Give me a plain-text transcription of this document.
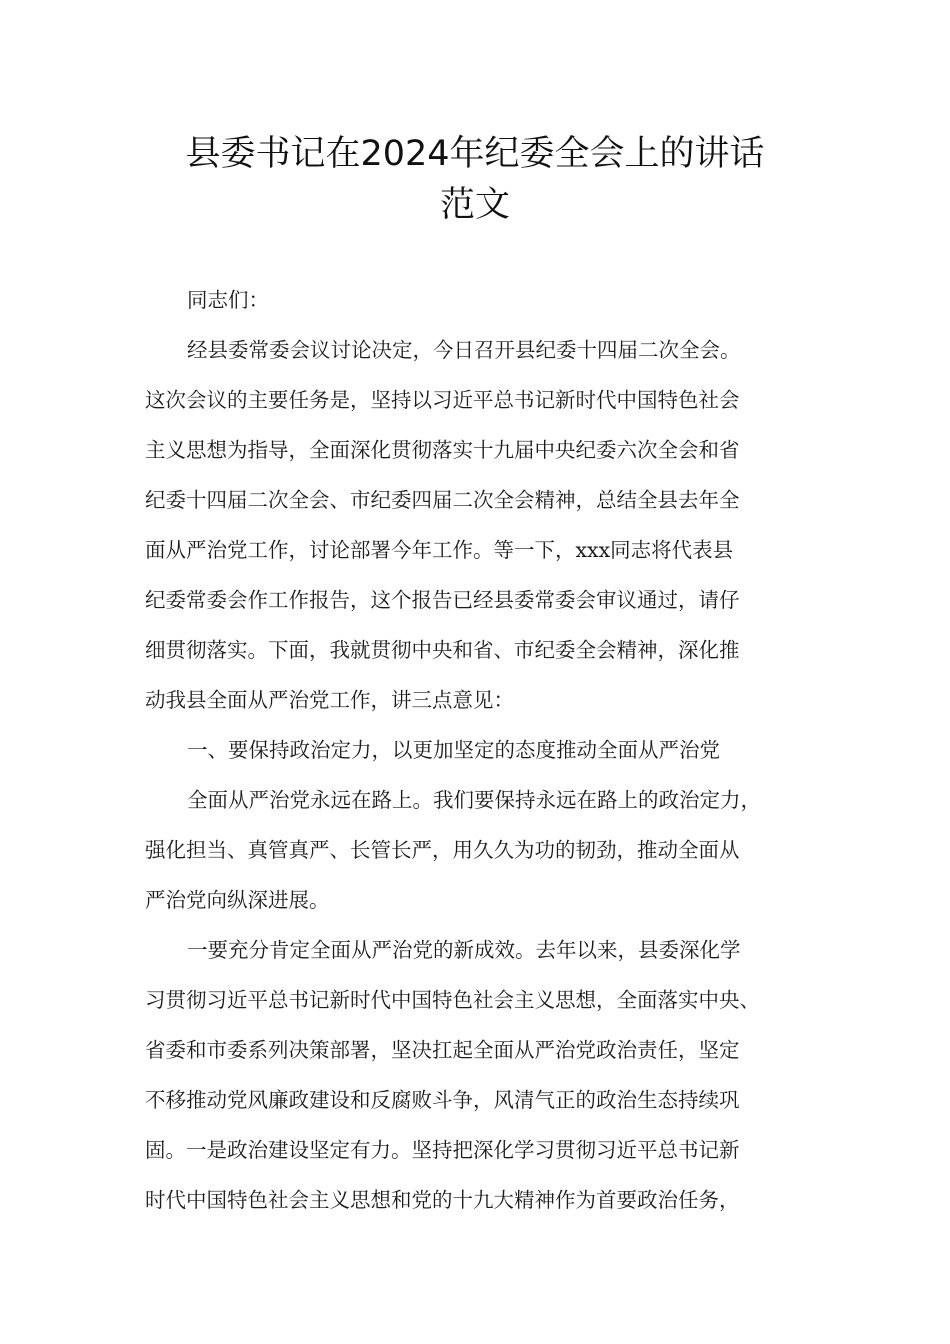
县委书记在2024年纪委全会上的讲话
范文

同志们：

经县委常委会议讨论决定，今日召开县纪委十四届二次全会。

这次会议的主要任务是，坚持以习近平总书记新时代中国特色社会

主义思想为指导，全面深化贯彻落实十九届中央纪委六次全会和省

纪委十四届二次全会、市纪委四届二次全会精神，总结全县去年全

面从严治党工作，讨论部署今年工作。等一下，xxx同志将代表县

纪委常委会作工作报告，这个报告已经县委常委会审议通过，请仔

细贯彻落实。下面，我就贯彻中央和省、市纪委全会精神，深化推

动我县全面从严治党工作，讲三点意见：

一、要保持政治定力，以更加坚定的态度推动全面从严治党

全面从严治党永远在路上。我们要保持永远在路上的政治定力，

强化担当、真管真严、长管长严，用久久为功的韧劲，推动全面从

严治党向纵深进展。

一要充分肯定全面从严治党的新成效。去年以来，县委深化学

习贯彻习近平总书记新时代中国特色社会主义思想，全面落实中央、

省委和市委系列决策部署，坚决扛起全面从严治党政治责任，坚定

不移推动党风廉政建设和反腐败斗争，风清气正的政治生态持续巩

固。一是政治建设坚定有力。坚持把深化学习贯彻习近平总书记新

时代中国特色社会主义思想和党的十九大精神作为首要政治任务，
